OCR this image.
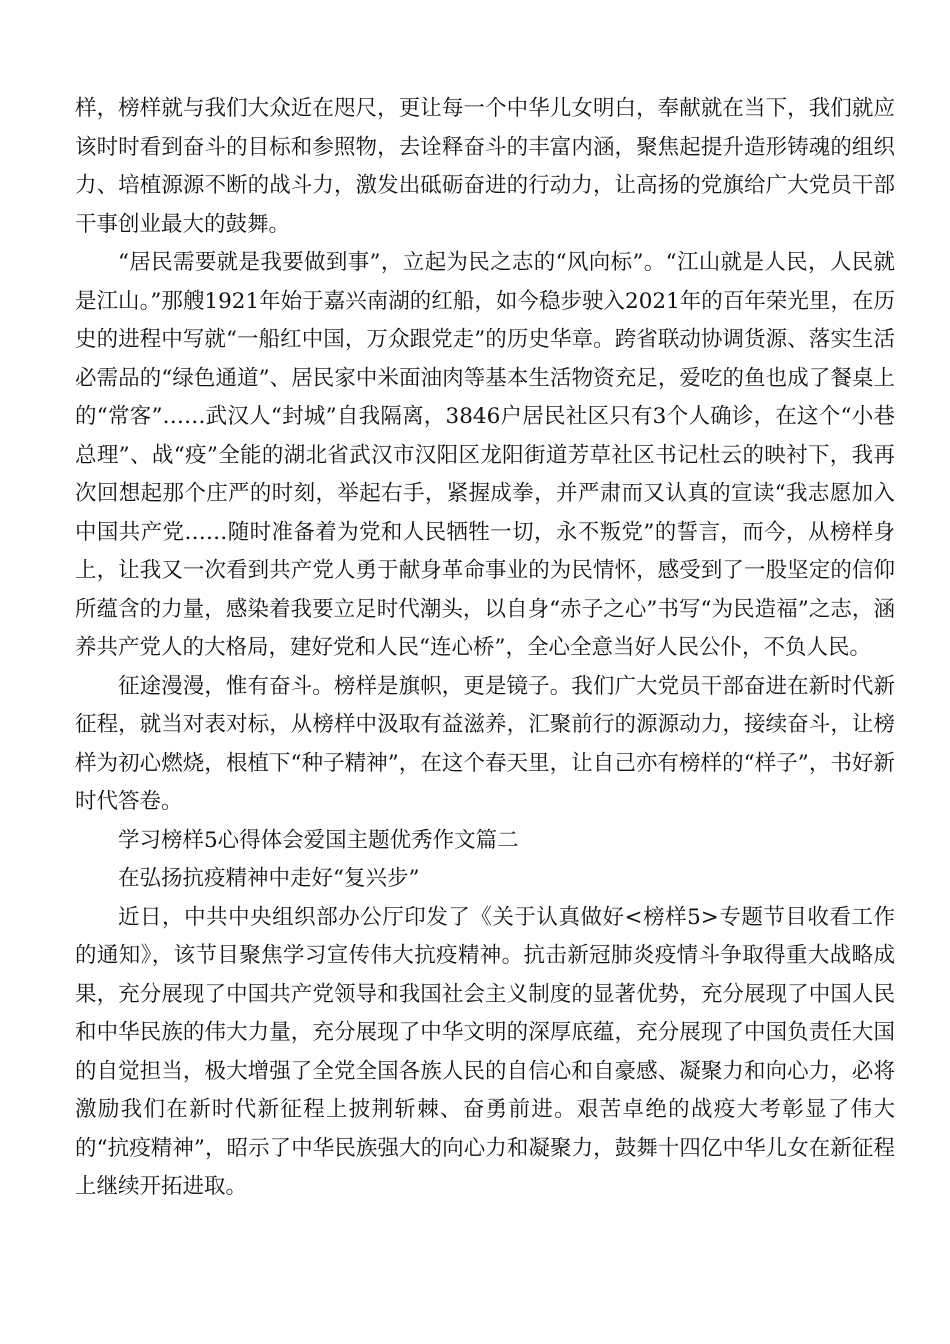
样，榜样就与我们大众近在咫尺，更让每一个中华儿女明白，奉献就在当下，我们就应该时时看到奋斗的目标和参照物，去诠释奋斗的丰富内涵，聚焦起提升造形铸魂的组织力、培植源源不断的战斗力，激发出砥砺奋进的行动力，让高扬的党旗给广大党员干部干事创业最大的鼓舞。

“居民需要就是我要做到事”，立起为民之志的“风向标”。“江山就是人民，人民就是江山。”那艘1921年始于嘉兴南湖的红船，如今稳步驶入2021年的百年荣光里，在历史的进程中写就“一船红中国，万众跟党走”的历史华章。跨省联动协调货源、落实生活必需品的“绿色通道”、居民家中米面油肉等基本生活物资充足，爱吃的鱼也成了餐桌上的“常客”……武汉人“封城”自我隔离，3846户居民社区只有3个人确诊，在这个“小巷总理”、战“疫”全能的湖北省武汉市汉阳区龙阳街道芳草社区书记杜云的映衬下，我再次回想起那个庄严的时刻，举起右手，紧握成拳，并严肃而又认真的宣读“我志愿加入中国共产党……随时准备着为党和人民牺牲一切，永不叛党”的誓言，而今，从榜样身上，让我又一次看到共产党人勇于献身革命事业的为民情怀，感受到了一股坚定的信仰所蕴含的力量，感染着我要立足时代潮头，以自身“赤子之心”书写“为民造福”之志，涵养共产党人的大格局，建好党和人民“连心桥”，全心全意当好人民公仆，不负人民。

征途漫漫，惟有奋斗。榜样是旗帜，更是镜子。我们广大党员干部奋进在新时代新征程，就当对表对标，从榜样中汲取有益滋养，汇聚前行的源源动力，接续奋斗，让榜样为初心燃烧，根植下“种子精神”，在这个春天里，让自己亦有榜样的“样子”，书好新时代答卷。

学习榜样5心得体会爱国主题优秀作文篇二

在弘扬抗疫精神中走好“复兴步”

近日，中共中央组织部办公厅印发了《关于认真做好<榜样5>专题节目收看工作的通知》，该节目聚焦学习宣传伟大抗疫精神。抗击新冠肺炎疫情斗争取得重大战略成果，充分展现了中国共产党领导和我国社会主义制度的显著优势，充分展现了中国人民和中华民族的伟大力量，充分展现了中华文明的深厚底蕴，充分展现了中国负责任大国的自觉担当，极大增强了全党全国各族人民的自信心和自豪感、凝聚力和向心力，必将激励我们在新时代新征程上披荆斩棘、奋勇前进。艰苦卓绝的战疫大考彰显了伟大的“抗疫精神”，昭示了中华民族强大的向心力和凝聚力，鼓舞十四亿中华儿女在新征程上继续开拓进取。
